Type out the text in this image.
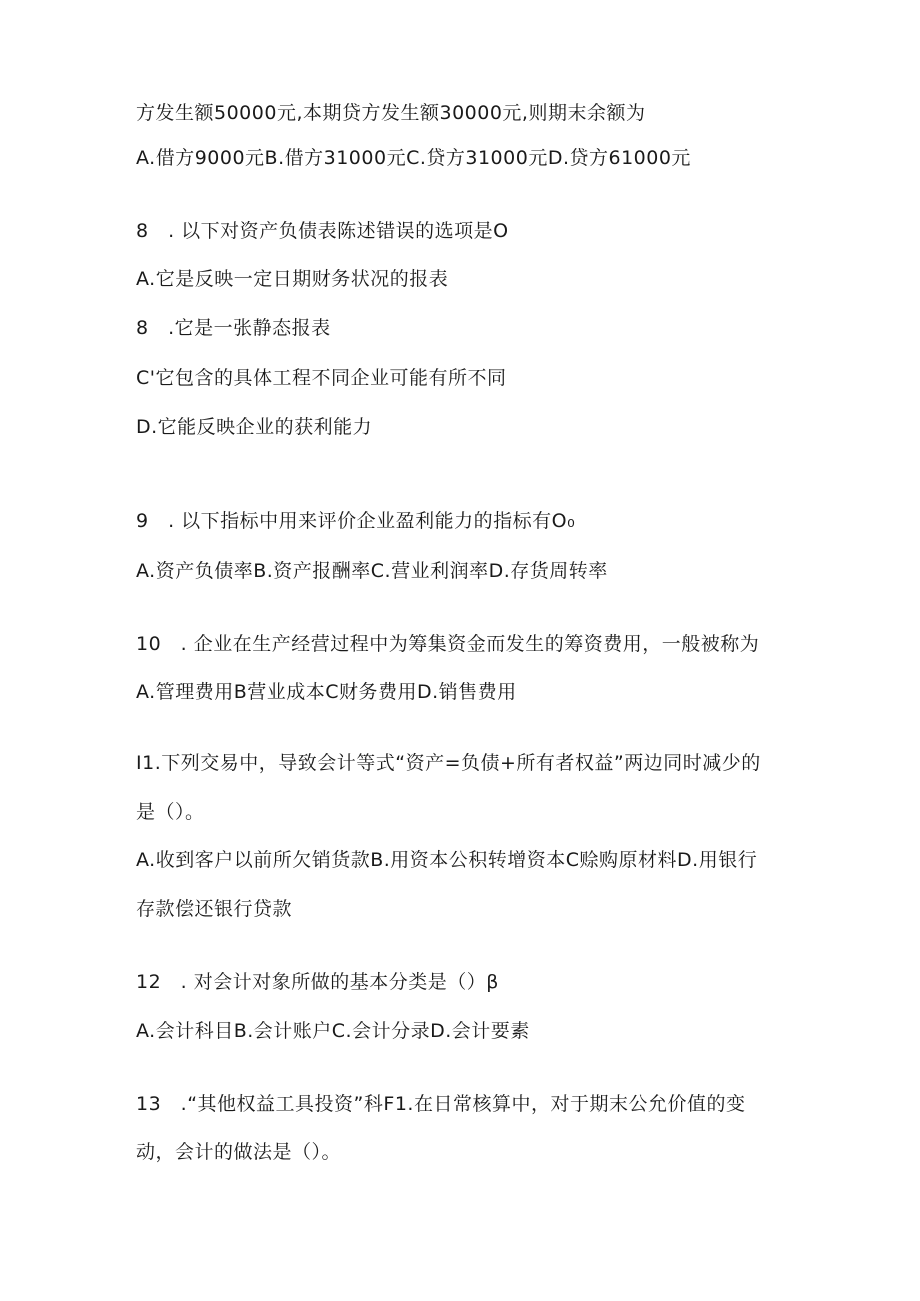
方发生额50000元,本期贷方发生额30000元,则期末余额为
A.借方9000元B.借方31000元C.贷方31000元D.贷方61000元
8　. 以下对资产负债表陈述错误的选项是O
A.它是反映一定日期财务状况的报表
8　.它是一张静态报表
C'它包含的具体工程不同企业可能有所不同
D.它能反映企业的获利能力
9　. 以下指标中用来评价企业盈利能力的指标有O₀
A.资产负债率B.资产报酬率C.营业利润率D.存货周转率
10　. 企业在生产经营过程中为筹集资金而发生的筹资费用，一般被称为
A.管理费用B营业成本C财务费用D.销售费用
I1.下列交易中，导致会计等式“资产=负债+所有者权益”两边同时减少的
是（）。
A.收到客户以前所欠销货款B.用资本公积转增资本C赊购原材料D.用银行
存款偿还银行贷款
12　. 对会计对象所做的基本分类是（）β
A.会计科目B.会计账户C.会计分录D.会计要素
13　.“其他权益工具投资”科F1.在日常核算中，对于期末公允价值的变
动，会计的做法是（）。
